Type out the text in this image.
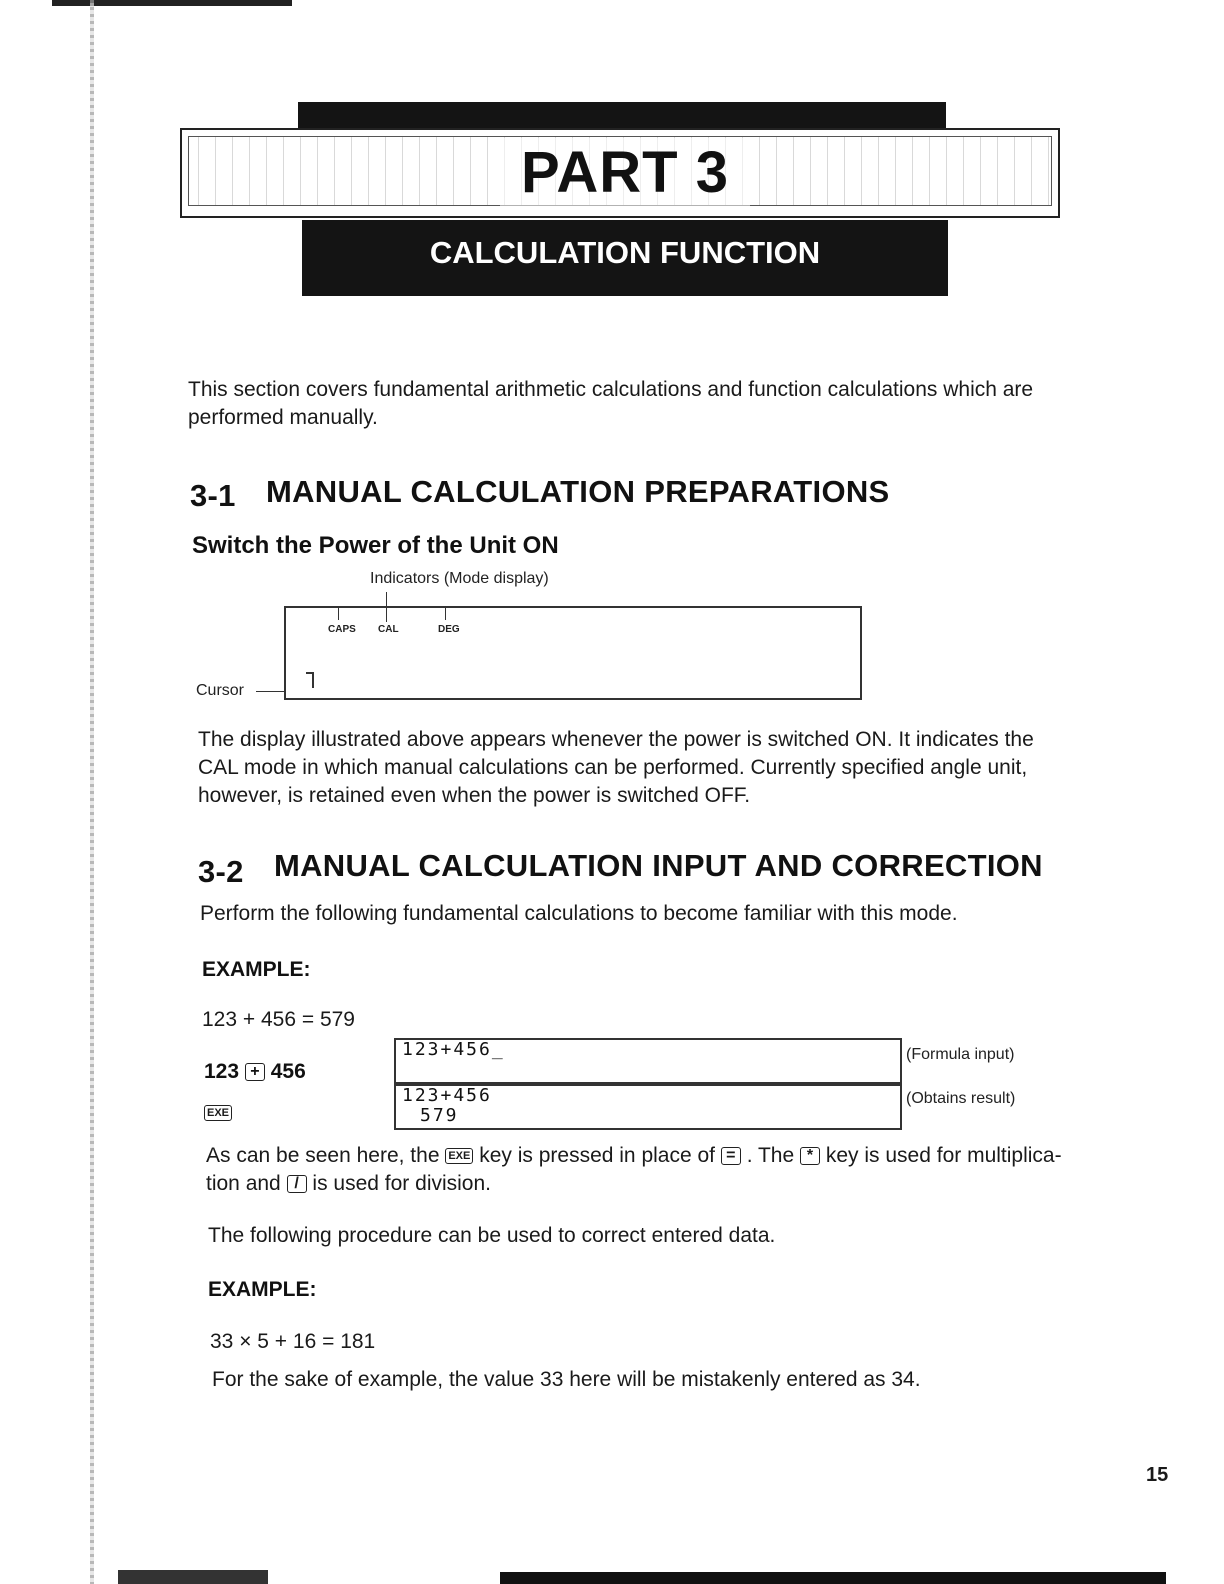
PART 3
CALCULATION FUNCTION
This section covers fundamental arithmetic calculations and function calculations which are performed manually.
3-1 MANUAL CALCULATION PREPARATIONS
Switch the Power of the Unit ON
Indicators (Mode display)
CAPS CAL	DEG
Cursor
The display illustrated above appears whenever the power is switched ON. It indicates the CAL mode in which manual calculations can be performed. Currently specified angle unit, however, is retained even when the power is switched OFF.
3-2 MANUAL CALCULATION INPUT AND CORRECTION
Perform the following fundamental calculations to become familiar with this mode.
EXAMPLE:
123 + 456 = 579
123 + 456
EXE
123+456_
123+456
579
(Formula input)
(Obtains result)
As can be seen here, the EXE key is pressed in place of = . The * key is used for multiplica-
tion and / is used for division.
The following procedure can be used to correct entered data.
EXAMPLE:
33 × 5 + 16 = 181
For the sake of example, the value 33 here will be mistakenly entered as 34.
15
